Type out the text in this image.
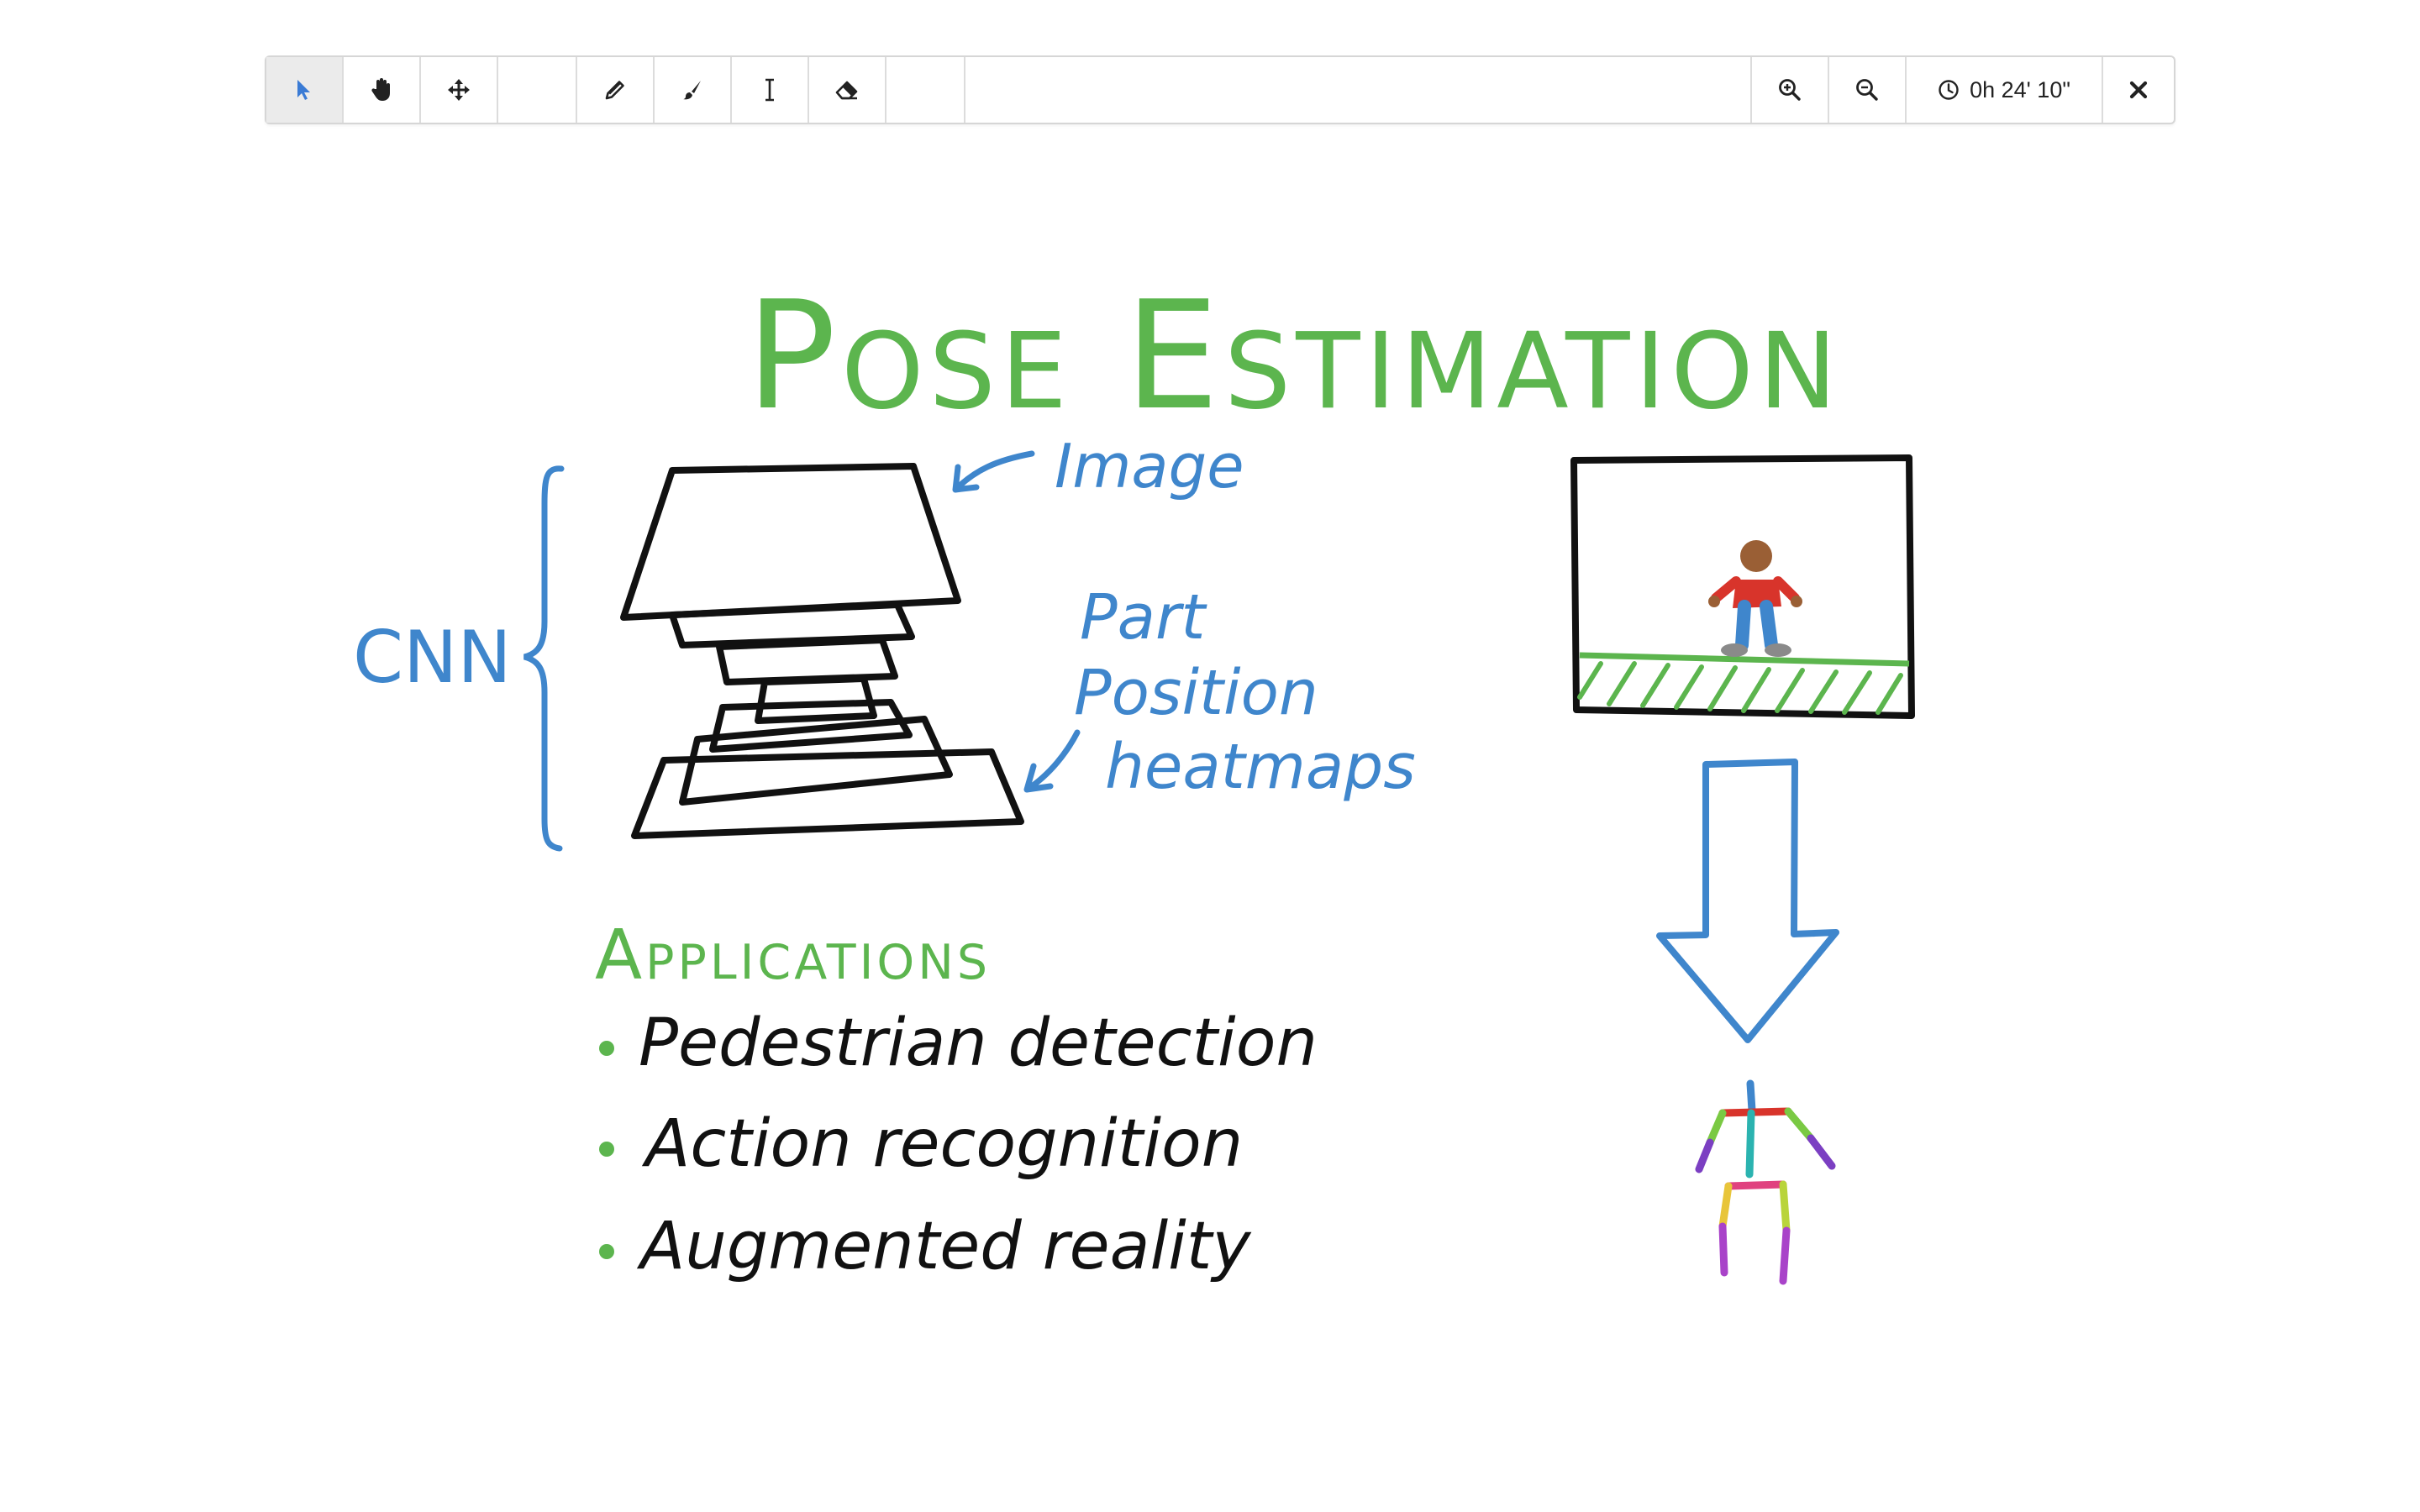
0h 24' 10"
Pose Estimation
CNN
Image
Part
Position
heatmaps
Applications
Pedestrian detection
Action recognition
Augmented reality
